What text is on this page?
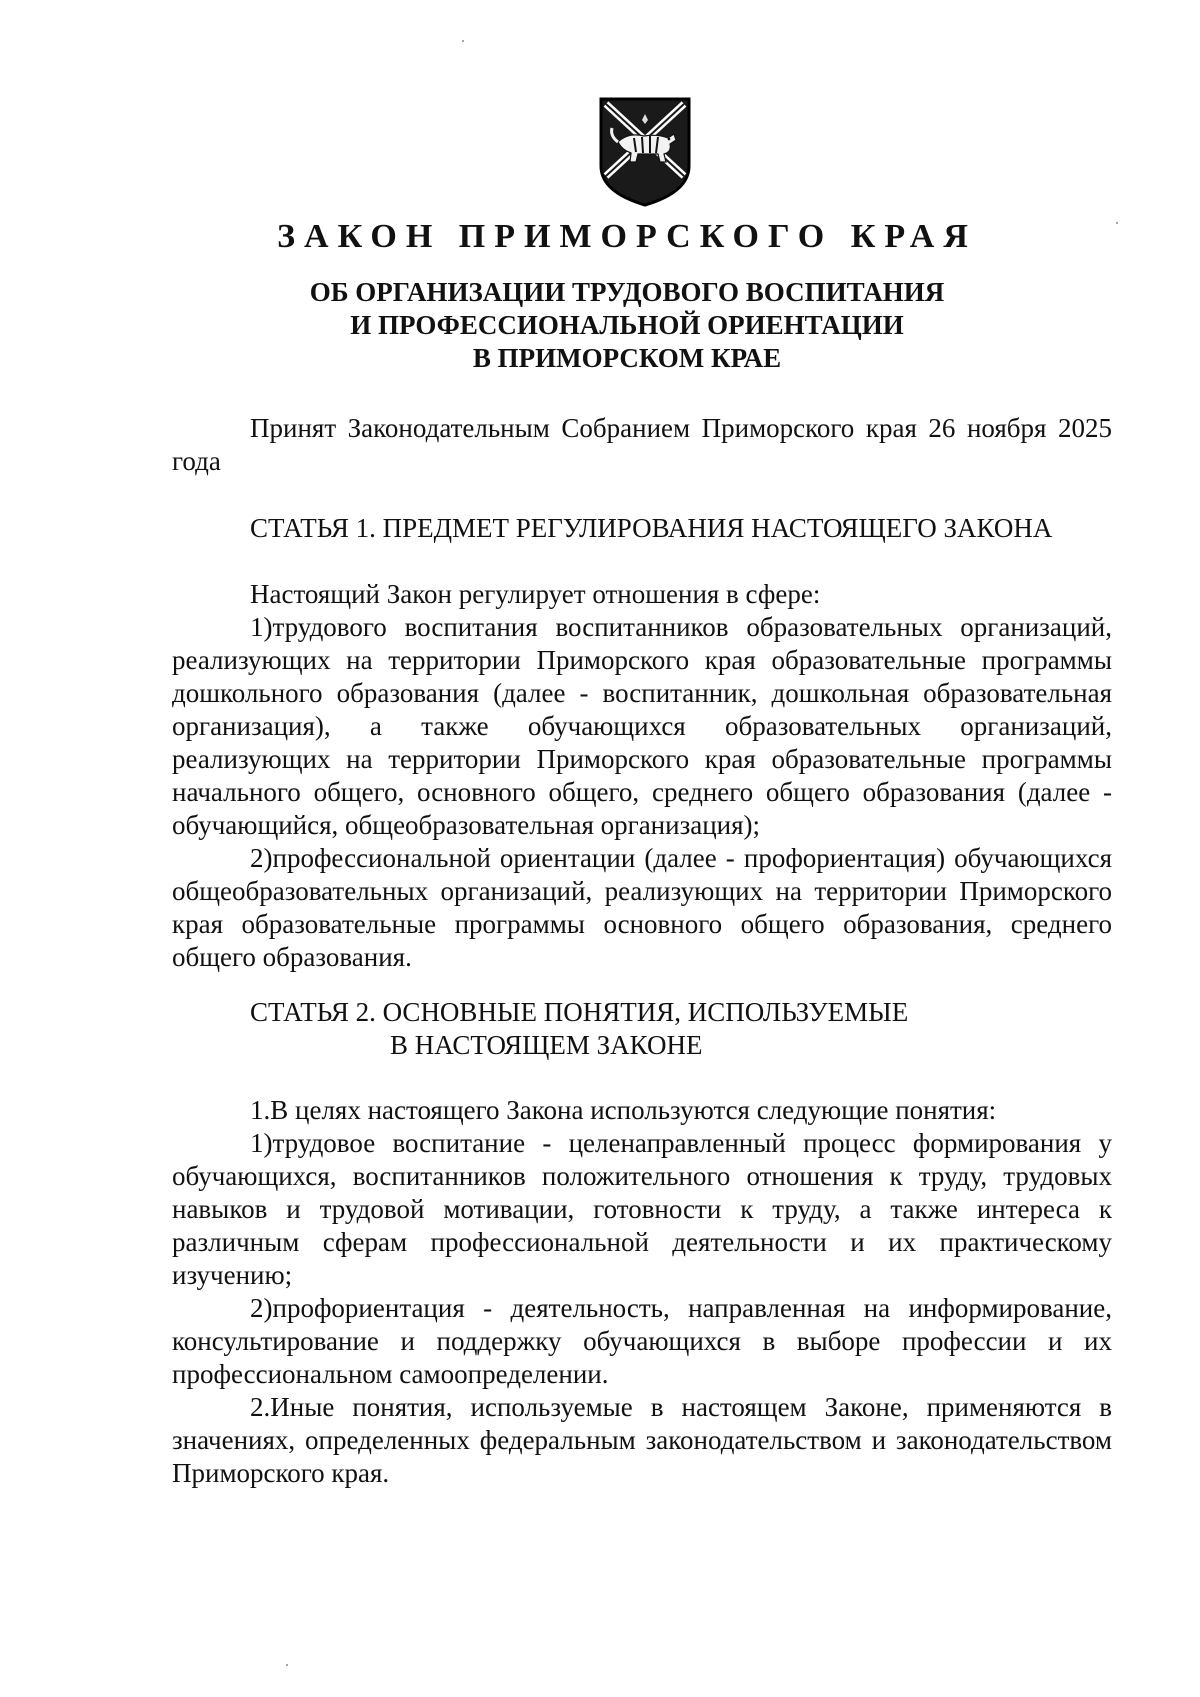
ЗАКОН ПРИМОРСКОГО КРАЯ
ОБ ОРГАНИЗАЦИИ ТРУДОВОГО ВОСПИТАНИЯ
И ПРОФЕССИОНАЛЬНОЙ ОРИЕНТАЦИИ
В ПРИМОРСКОМ КРАЕ

Принят Законодательным Собранием Приморского края 26 ноября 2025 года

СТАТЬЯ 1. ПРЕДМЕТ РЕГУЛИРОВАНИЯ НАСТОЯЩЕГО ЗАКОНА

Настоящий Закон регулирует отношения в сфере:

1)трудового воспитания воспитанников образовательных организаций, реализующих на территории Приморского края образовательные программы дошкольного образования (далее - воспитанник, дошкольная образовательная организация), а также обучающихся образовательных организаций, реализующих на территории Приморского края образовательные программы начального общего, основного общего, среднего общего образования (далее - обучающийся, общеобразовательная организация);

2)профессиональной ориентации (далее - профориентация) обучающихся общеобразовательных организаций, реализующих на территории Приморского края образовательные программы основного общего образования, среднего общего образования.

СТАТЬЯ 2. ОСНОВНЫЕ ПОНЯТИЯ, ИСПОЛЬЗУЕМЫЕ
В НАСТОЯЩЕМ ЗАКОНЕ

1.В целях настоящего Закона используются следующие понятия:

1)трудовое воспитание - целенаправленный процесс формирования у обучающихся, воспитанников положительного отношения к труду, трудовых навыков и трудовой мотивации, готовности к труду, а также интереса к различным сферам профессиональной деятельности и их практическому изучению;

2)профориентация - деятельность, направленная на информирование, консультирование и поддержку обучающихся в выборе профессии и их профессиональном самоопределении.

2.Иные понятия, используемые в настоящем Законе, применяются в значениях, определенных федеральным законодательством и законодательством Приморского края.
